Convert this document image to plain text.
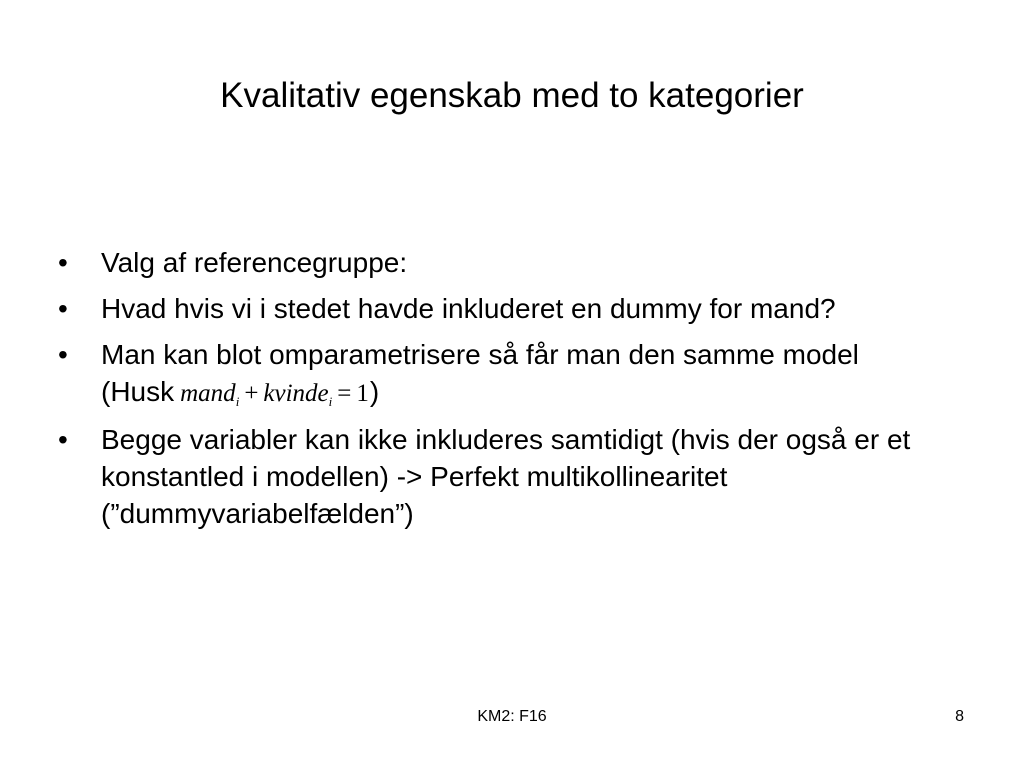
Kvalitativ egenskab med to kategorier
• Valg af referencegruppe:
• Hvad hvis vi i stedet havde inkluderet en dummy for mand?
• Man kan blot omparametrisere så får man den samme model (Husk mand$_i$ + kvinde$_i$ = 1)
• Begge variabler kan ikke inkluderes samtidigt (hvis der også er et konstantled i modellen) -> Perfekt multikollinearitet (”dummyvariabelfælden”)
KM2: F16	8
